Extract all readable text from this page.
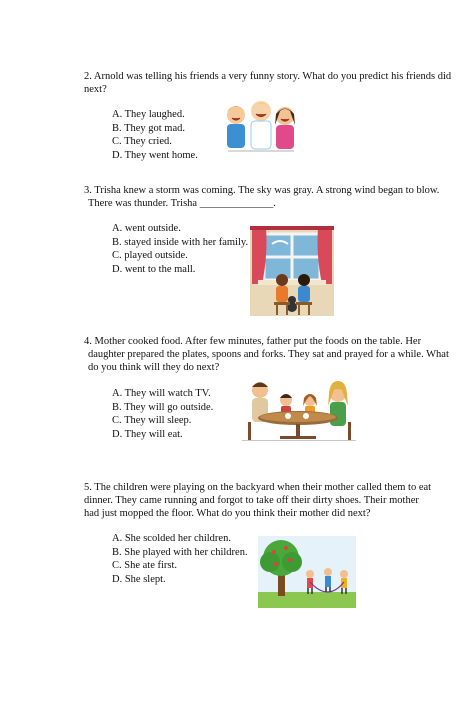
2. Arnold was telling his friends a very funny story. What do you predict his friends did
next?

A. They laughed.
B. They got mad.
C. They cried.
D. They went home.

3. Trisha knew a storm was coming. The sky was gray. A strong wind began to blow.
There was thunder. Trisha ______________.

A. went outside.
B. stayed inside with her family.
C. played outside.
D. went to the mall.

4. Mother cooked food. After few minutes, father put the foods on the table. Her
daughter prepared the plates, spoons and forks. They sat and prayed for a while. What
do you think will they do next?

A. They will watch TV.
B. They will go outside.
C. They will sleep.
D. They will eat.

5. The children were playing on the backyard when their mother called them to eat
dinner. They came running and forgot to take off their dirty shoes. Their mother
had just mopped the floor. What do you think their mother did next?

A. She scolded her children.
B. She played with her children.
C. She ate first.
D. She slept.
